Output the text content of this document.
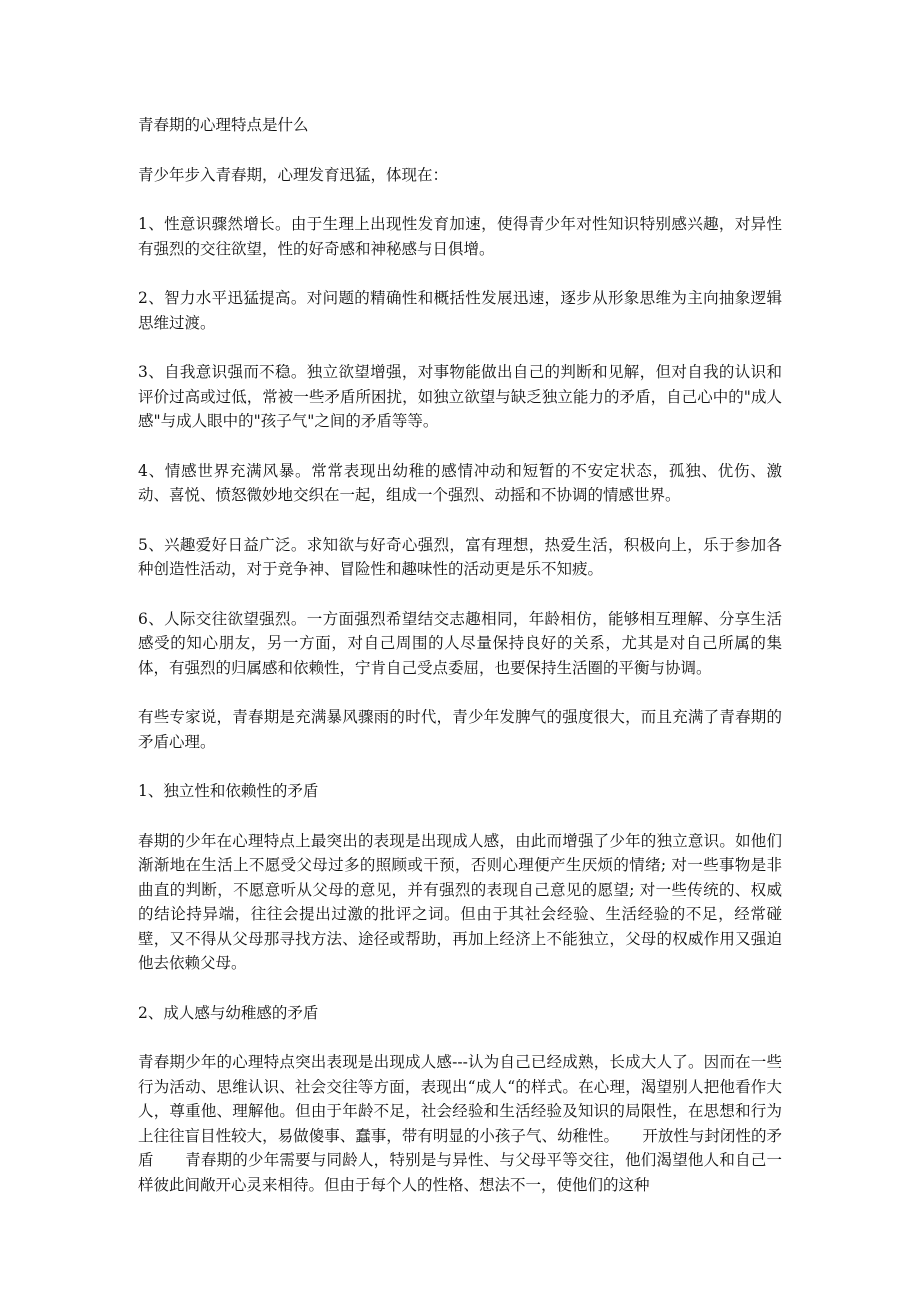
青春期的心理特点是什么

青少年步入青春期，心理发育迅猛，体现在：

1、性意识骤然增长。由于生理上出现性发育加速，使得青少年对性知识特别感兴趣，对异性有强烈的交往欲望，性的好奇感和神秘感与日俱增。

2、智力水平迅猛提高。对问题的精确性和概括性发展迅速，逐步从形象思维为主向抽象逻辑思维过渡。

3、自我意识强而不稳。独立欲望增强，对事物能做出自己的判断和见解，但对自我的认识和评价过高或过低，常被一些矛盾所困扰，如独立欲望与缺乏独立能力的矛盾，自己心中的"成人感"与成人眼中的"孩子气"之间的矛盾等等。

4、情感世界充满风暴。常常表现出幼稚的感情冲动和短暂的不安定状态，孤独、优伤、激动、喜悦、愤怒微妙地交织在一起，组成一个强烈、动摇和不协调的情感世界。

5、兴趣爱好日益广泛。求知欲与好奇心强烈，富有理想，热爱生活，积极向上，乐于参加各种创造性活动，对于竞争神、冒险性和趣味性的活动更是乐不知疲。

6、人际交往欲望强烈。一方面强烈希望结交志趣相同，年龄相仿，能够相互理解、分享生活感受的知心朋友，另一方面，对自己周围的人尽量保持良好的关系，尤其是对自己所属的集体，有强烈的归属感和依赖性，宁肯自己受点委屈，也要保持生活圈的平衡与协调。

有些专家说，青春期是充满暴风骤雨的时代，青少年发脾气的强度很大，而且充满了青春期的矛盾心理。

1、独立性和依赖性的矛盾

春期的少年在心理特点上最突出的表现是出现成人感，由此而增强了少年的独立意识。如他们渐渐地在生活上不愿受父母过多的照顾或干预，否则心理便产生厌烦的情绪; 对一些事物是非曲直的判断，不愿意听从父母的意见，并有强烈的表现自己意见的愿望; 对一些传统的、权威的结论持异端，往往会提出过激的批评之词。但由于其社会经验、生活经验的不足，经常碰壁，又不得从父母那寻找方法、途径或帮助，再加上经济上不能独立，父母的权威作用又强迫他去依赖父母。

2、成人感与幼稚感的矛盾

青春期少年的心理特点突出表现是出现成人感---认为自己已经成熟，长成大人了。因而在一些行为活动、思维认识、社会交往等方面，表现出“成人“的样式。在心理，渴望别人把他看作大人，尊重他、理解他。但由于年龄不足，社会经验和生活经验及知识的局限性，在思想和行为上往往盲目性较大，易做傻事、蠢事，带有明显的小孩子气、幼稚性。　　开放性与封闭性的矛盾　　青春期的少年需要与同龄人，特别是与异性、与父母平等交往，他们渴望他人和自己一样彼此间敞开心灵来相待。但由于每个人的性格、想法不一，使他们的这种
